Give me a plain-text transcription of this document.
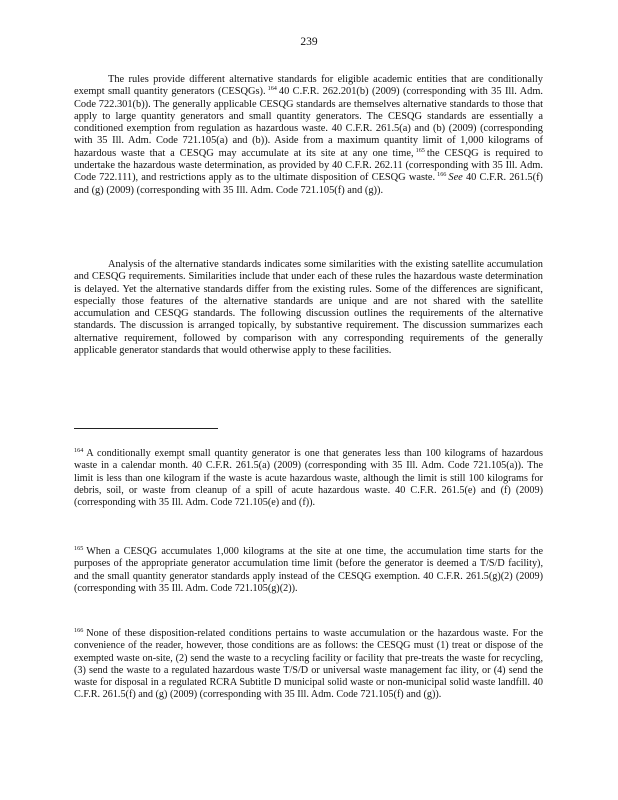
239

The rules provide different alternative standards for eligible academic entities that are conditionally exempt small quantity generators (CESQGs). $^{164}$ 40 C.F.R. 262.201(b) (2009) (corresponding with 35 Ill. Adm. Code 722.301(b)). The generally applicable CESQG standards are themselves alternative standards to those that apply to large quantity generators and small quantity generators. The CESQG standards are essentially a conditioned exemption from regulation as hazardous waste. 40 C.F.R. 261.5(a) and (b) (2009) (corresponding with 35 Ill. Adm. Code 721.105(a) and (b)). Aside from a maximum quantity limit of 1,000 kilograms of hazardous waste that a CESQG may accumulate at its site at any one time, $^{165}$ the CESQG is required to undertake the hazardous waste determination, as provided by 40 C.F.R. 262.11 (corresponding with 35 Ill. Adm. Code 722.111), and restrictions apply as to the ultimate disposition of CESQG waste. $^{166}$ See 40 C.F.R. 261.5(f) and (g) (2009) (corresponding with 35 Ill. Adm. Code 721.105(f) and (g)).

Analysis of the alternative standards indicates some similarities with the existing satellite accumulation and CESQG requirements. Similarities include that under each of these rules the hazardous waste determination is delayed. Yet the alternative standards differ from the existing rules. Some of the differences are significant, especially those features of the alternative standards are unique and are not shared with the satellite accumulation and CESQG standards. The following discussion outlines the requirements of the alternative standards. The discussion is arranged topically, by substantive requirement. The discussion summarizes each alternative requirement, followed by comparison with any corresponding requirements of the generally applicable generator standards that would otherwise apply to these facilities.

$^{164}$ A conditionally exempt small quantity generator is one that generates less than 100 kilograms of hazardous waste in a calendar month. 40 C.F.R. 261.5(a) (2009) (corresponding with 35 Ill. Adm. Code 721.105(a)). The limit is less than one kilogram if the waste is acute hazardous waste, although the limit is still 100 kilograms for debris, soil, or waste from cleanup of a spill of acute hazardous waste. 40 C.F.R. 261.5(e) and (f) (2009) (corresponding with 35 Ill. Adm. Code 721.105(e) and (f)).

$^{165}$ When a CESQG accumulates 1,000 kilograms at the site at one time, the accumulation time starts for the purposes of the appropriate generator accumulation time limit (before the generator is deemed a T/S/D facility), and the small quantity generator standards apply instead of the CESQG exemption. 40 C.F.R. 261.5(g)(2) (2009) (corresponding with 35 Ill. Adm. Code 721.105(g)(2)).

$^{166}$ None of these disposition-related conditions pertains to waste accumulation or the hazardous waste. For the convenience of the reader, however, those conditions are as follows: the CESQG must (1) treat or dispose of the exempted waste on-site, (2) send the waste to a recycling facility or facility that pre-treats the waste for recycling, (3) send the waste to a regulated hazardous waste T/S/D or universal waste management fac ility, or (4) send the waste for disposal in a regulated RCRA Subtitle D municipal solid waste or non-municipal solid waste landfill. 40 C.F.R. 261.5(f) and (g) (2009) (corresponding with 35 Ill. Adm. Code 721.105(f) and (g)).
